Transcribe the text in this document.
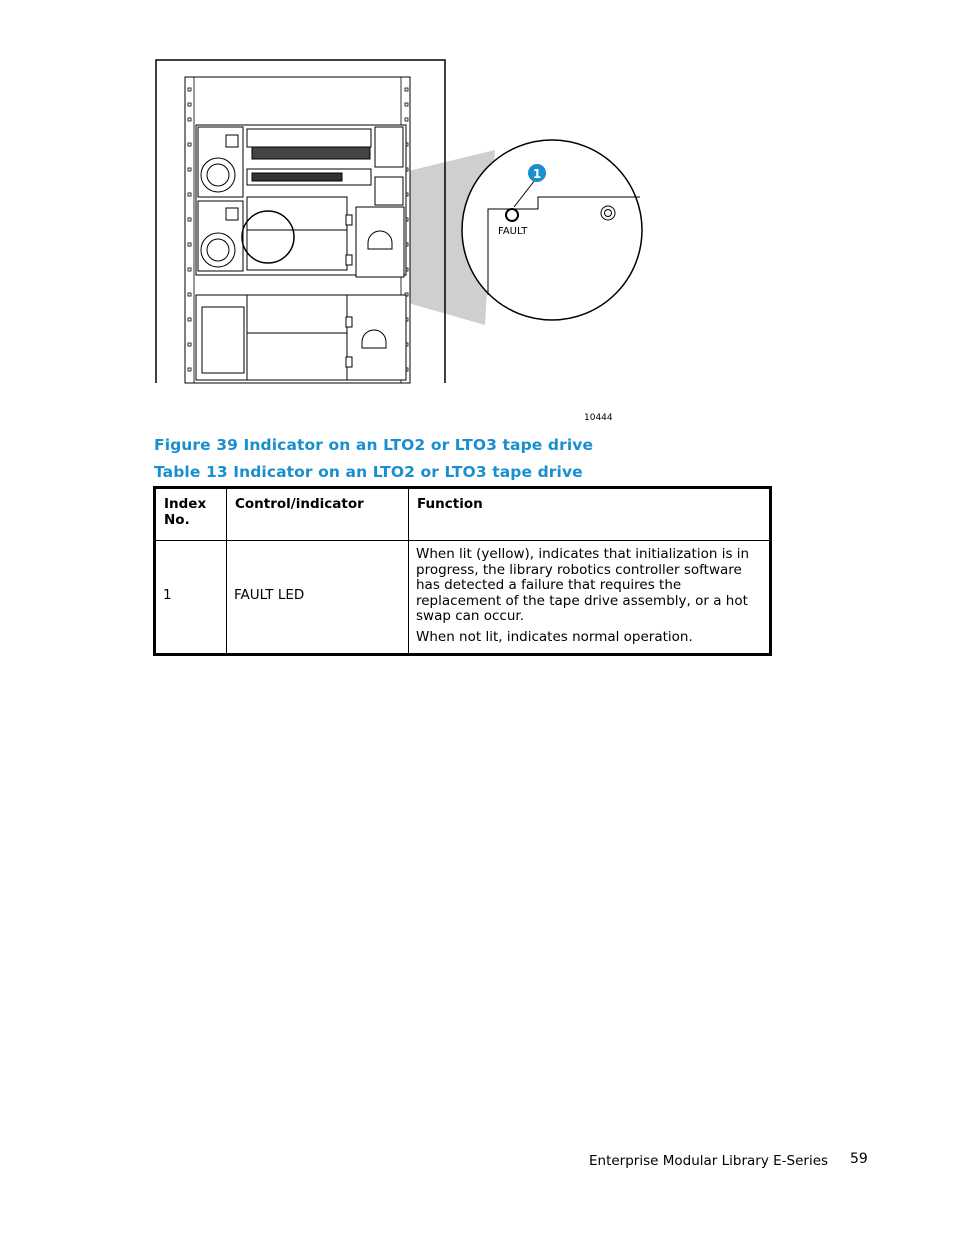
1
FAULT
10444
Figure 39 Indicator on an LTO2 or LTO3 tape drive
Table 13 Indicator on an LTO2 or LTO3 tape drive
Index No.	Control/indicator	Function
1	FAULT LED	When lit (yellow), indicates that initialization is in progress, the library robotics controller software has detected a failure that requires the replacement of the tape drive assembly, or a hot swap can occur.

When not lit, indicates normal operation.

Enterprise Modular Library E-Series 59
